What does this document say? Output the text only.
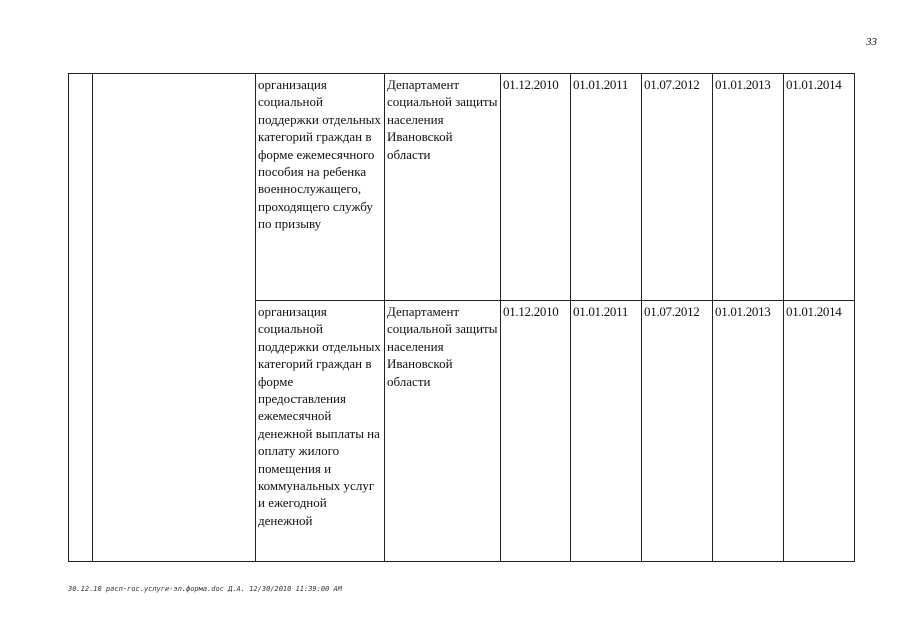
33
		организация социальной поддержки отдельных категорий граждан в форме ежемесячного пособия на ребенка военнослужащего, проходящего службу по призыву	Департамент социальной защиты населения Ивановской области	01.12.2010	01.01.2011	01.07.2012	01.01.2013	01.01.2014
		организация социальной поддержки отдельных категорий граждан в форме предоставления ежемесячной денежной выплаты на оплату жилого помещения и коммунальных услуг и ежегодной денежной	Департамент социальной защиты населения Ивановской области	01.12.2010	01.01.2011	01.07.2012	01.01.2013	01.01.2014
30.12.10 расп-гос.услуги-эл.форма.doc Д.А. 12/30/2010 11:39:00 AM
